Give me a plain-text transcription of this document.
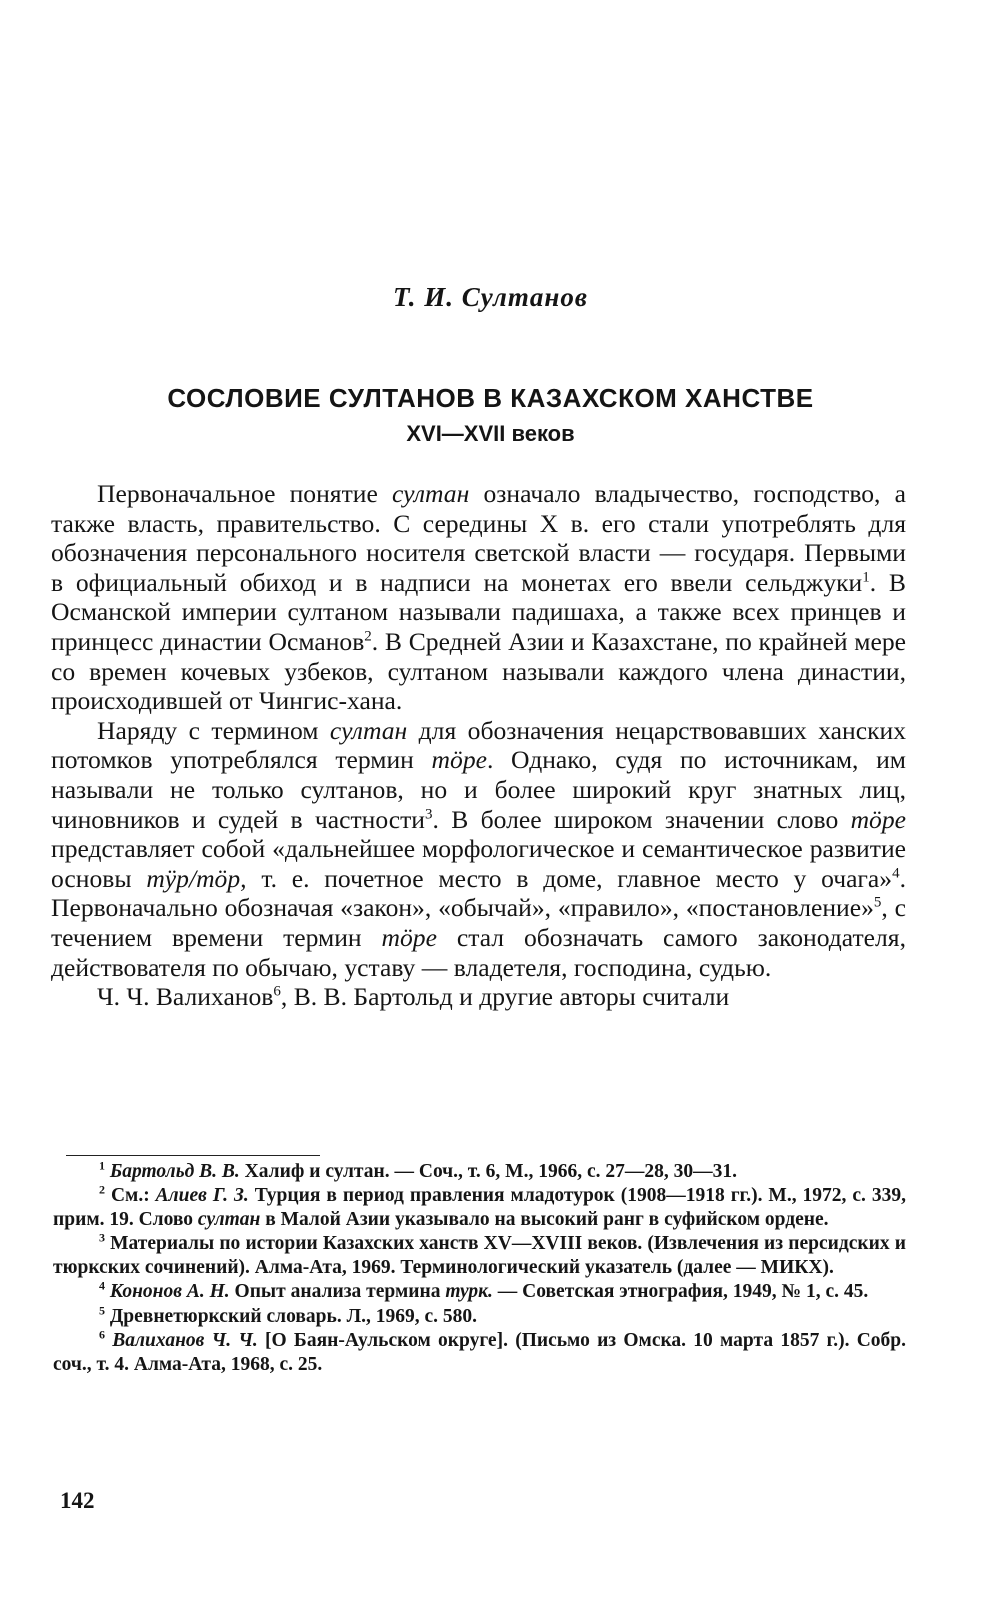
Т. И. Султанов
СОСЛОВИЕ СУЛТАНОВ В КАЗАХСКОМ ХАНСТВЕ
XVI—XVII веков

Первоначальное понятие султан означало владычество, господство, а также власть, правительство. С середины X в. его стали употреблять для обозначения персонального носителя светской власти — государя. Первыми в официальный обиход и в надписи на монетах его ввели сельджуки$^1$. В Османской империи султаном называли падишаха, а также всех принцев и принцесс династии Османов$^2$. В Средней Азии и Казахстане, по крайней мере со времен кочевых узбеков, султаном называли каждого члена династии, происходившей от Чингис-хана.

Наряду с термином султан для обозначения нецарствовавших ханских потомков употреблялся термин тӧре. Однако, судя по источникам, им называли не только султанов, но и более широкий круг знатных лиц, чиновников и судей в частности$^3$. В более широком значении слово тӧре представляет собой «дальнейшее морфологическое и семантическое развитие основы тӱр/тӧр, т. е. почетное место в доме, главное место у очага»$^4$. Первоначально обозначая «закон», «обычай», «правило», «постановление»$^5$, с течением времени термин тӧре стал обозначать самого законодателя, действователя по обычаю, уставу — владетеля, господина, судью.

Ч. Ч. Валиханов$^6$, В. В. Бартольд и другие авторы считали

$^1$ Бартольд В. В. Халиф и султан. — Соч., т. 6, М., 1966, с. 27—28, 30—31.

$^2$ См.: Алиев Г. З. Турция в период правления младотурок (1908—1918 гг.). М., 1972, с. 339, прим. 19. Слово султан в Малой Азии указывало на высокий ранг в суфийском ордене.

$^3$ Материалы по истории Казахских ханств XV—XVIII веков. (Извлечения из персидских и тюркских сочинений). Алма-Ата, 1969. Терминологический указатель (далее — МИКХ).

$^4$ Кононов А. Н. Опыт анализа термина турк. — Советская этнография, 1949, № 1, с. 45.

$^5$ Древнетюркский словарь. Л., 1969, с. 580.

$^6$ Валиханов Ч. Ч. [О Баян-Аульском округе]. (Письмо из Омска. 10 марта 1857 г.). Собр. соч., т. 4. Алма-Ата, 1968, с. 25.

142
